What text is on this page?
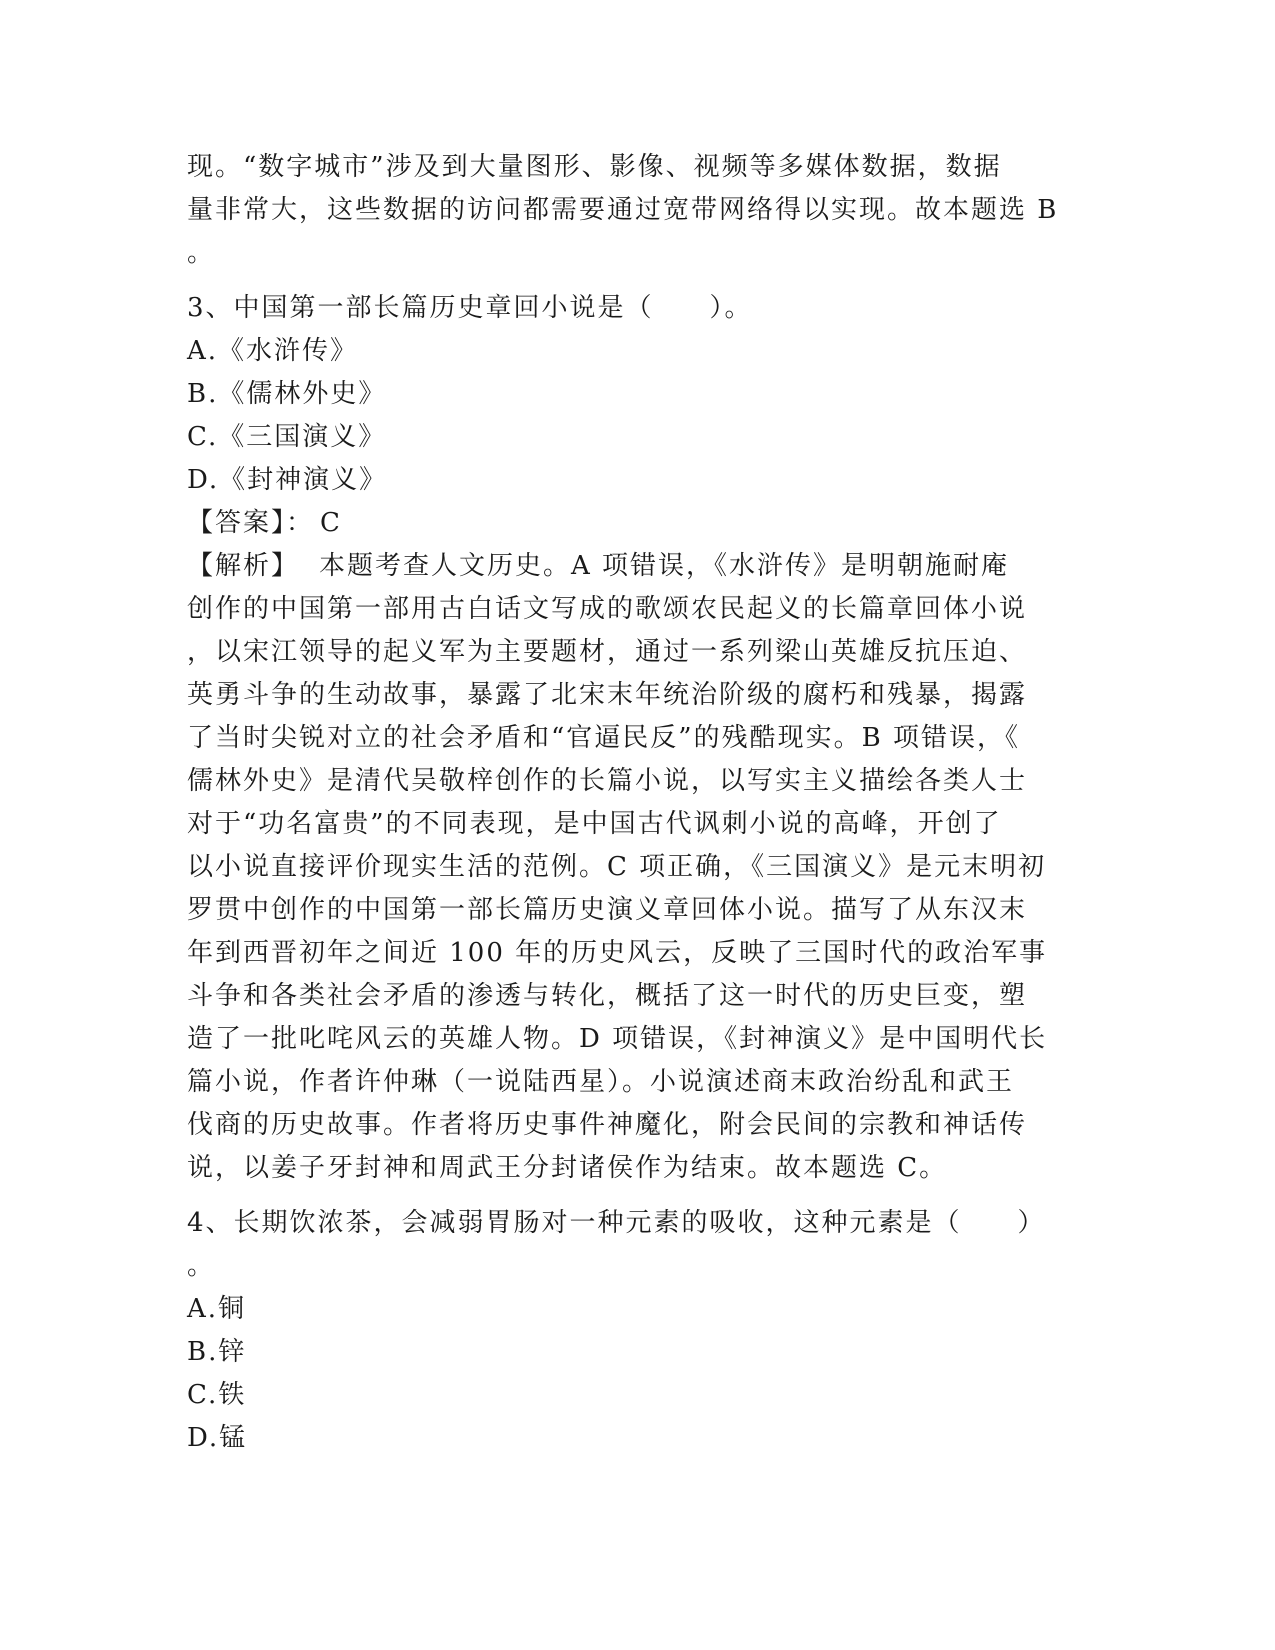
现。“数字城市”涉及到大量图形、影像、视频等多媒体数据，数据
量非常大，这些数据的访问都需要通过宽带网络得以实现。故本题选 B
。
3、中国第一部长篇历史章回小说是（　　）。
A.《水浒传》
B.《儒林外史》
C.《三国演义》
D.《封神演义》
【答案】： C
【解析】 本题考查人文历史。A 项错误，《水浒传》是明朝施耐庵
创作的中国第一部用古白话文写成的歌颂农民起义的长篇章回体小说
，以宋江领导的起义军为主要题材，通过一系列梁山英雄反抗压迫、
英勇斗争的生动故事，暴露了北宋末年统治阶级的腐朽和残暴，揭露
了当时尖锐对立的社会矛盾和“官逼民反”的残酷现实。B 项错误，《
儒林外史》是清代吴敬梓创作的长篇小说，以写实主义描绘各类人士
对于“功名富贵”的不同表现，是中国古代讽刺小说的高峰，开创了
以小说直接评价现实生活的范例。C 项正确，《三国演义》是元末明初
罗贯中创作的中国第一部长篇历史演义章回体小说。描写了从东汉末
年到西晋初年之间近 100 年的历史风云，反映了三国时代的政治军事
斗争和各类社会矛盾的渗透与转化，概括了这一时代的历史巨变，塑
造了一批叱咤风云的英雄人物。D 项错误，《封神演义》是中国明代长
篇小说，作者许仲琳（一说陆西星）。小说演述商末政治纷乱和武王
伐商的历史故事。作者将历史事件神魔化，附会民间的宗教和神话传
说，以姜子牙封神和周武王分封诸侯作为结束。故本题选 C。
4、长期饮浓茶，会减弱胃肠对一种元素的吸收，这种元素是（　　）
。
A.铜
B.锌
C.铁
D.锰
